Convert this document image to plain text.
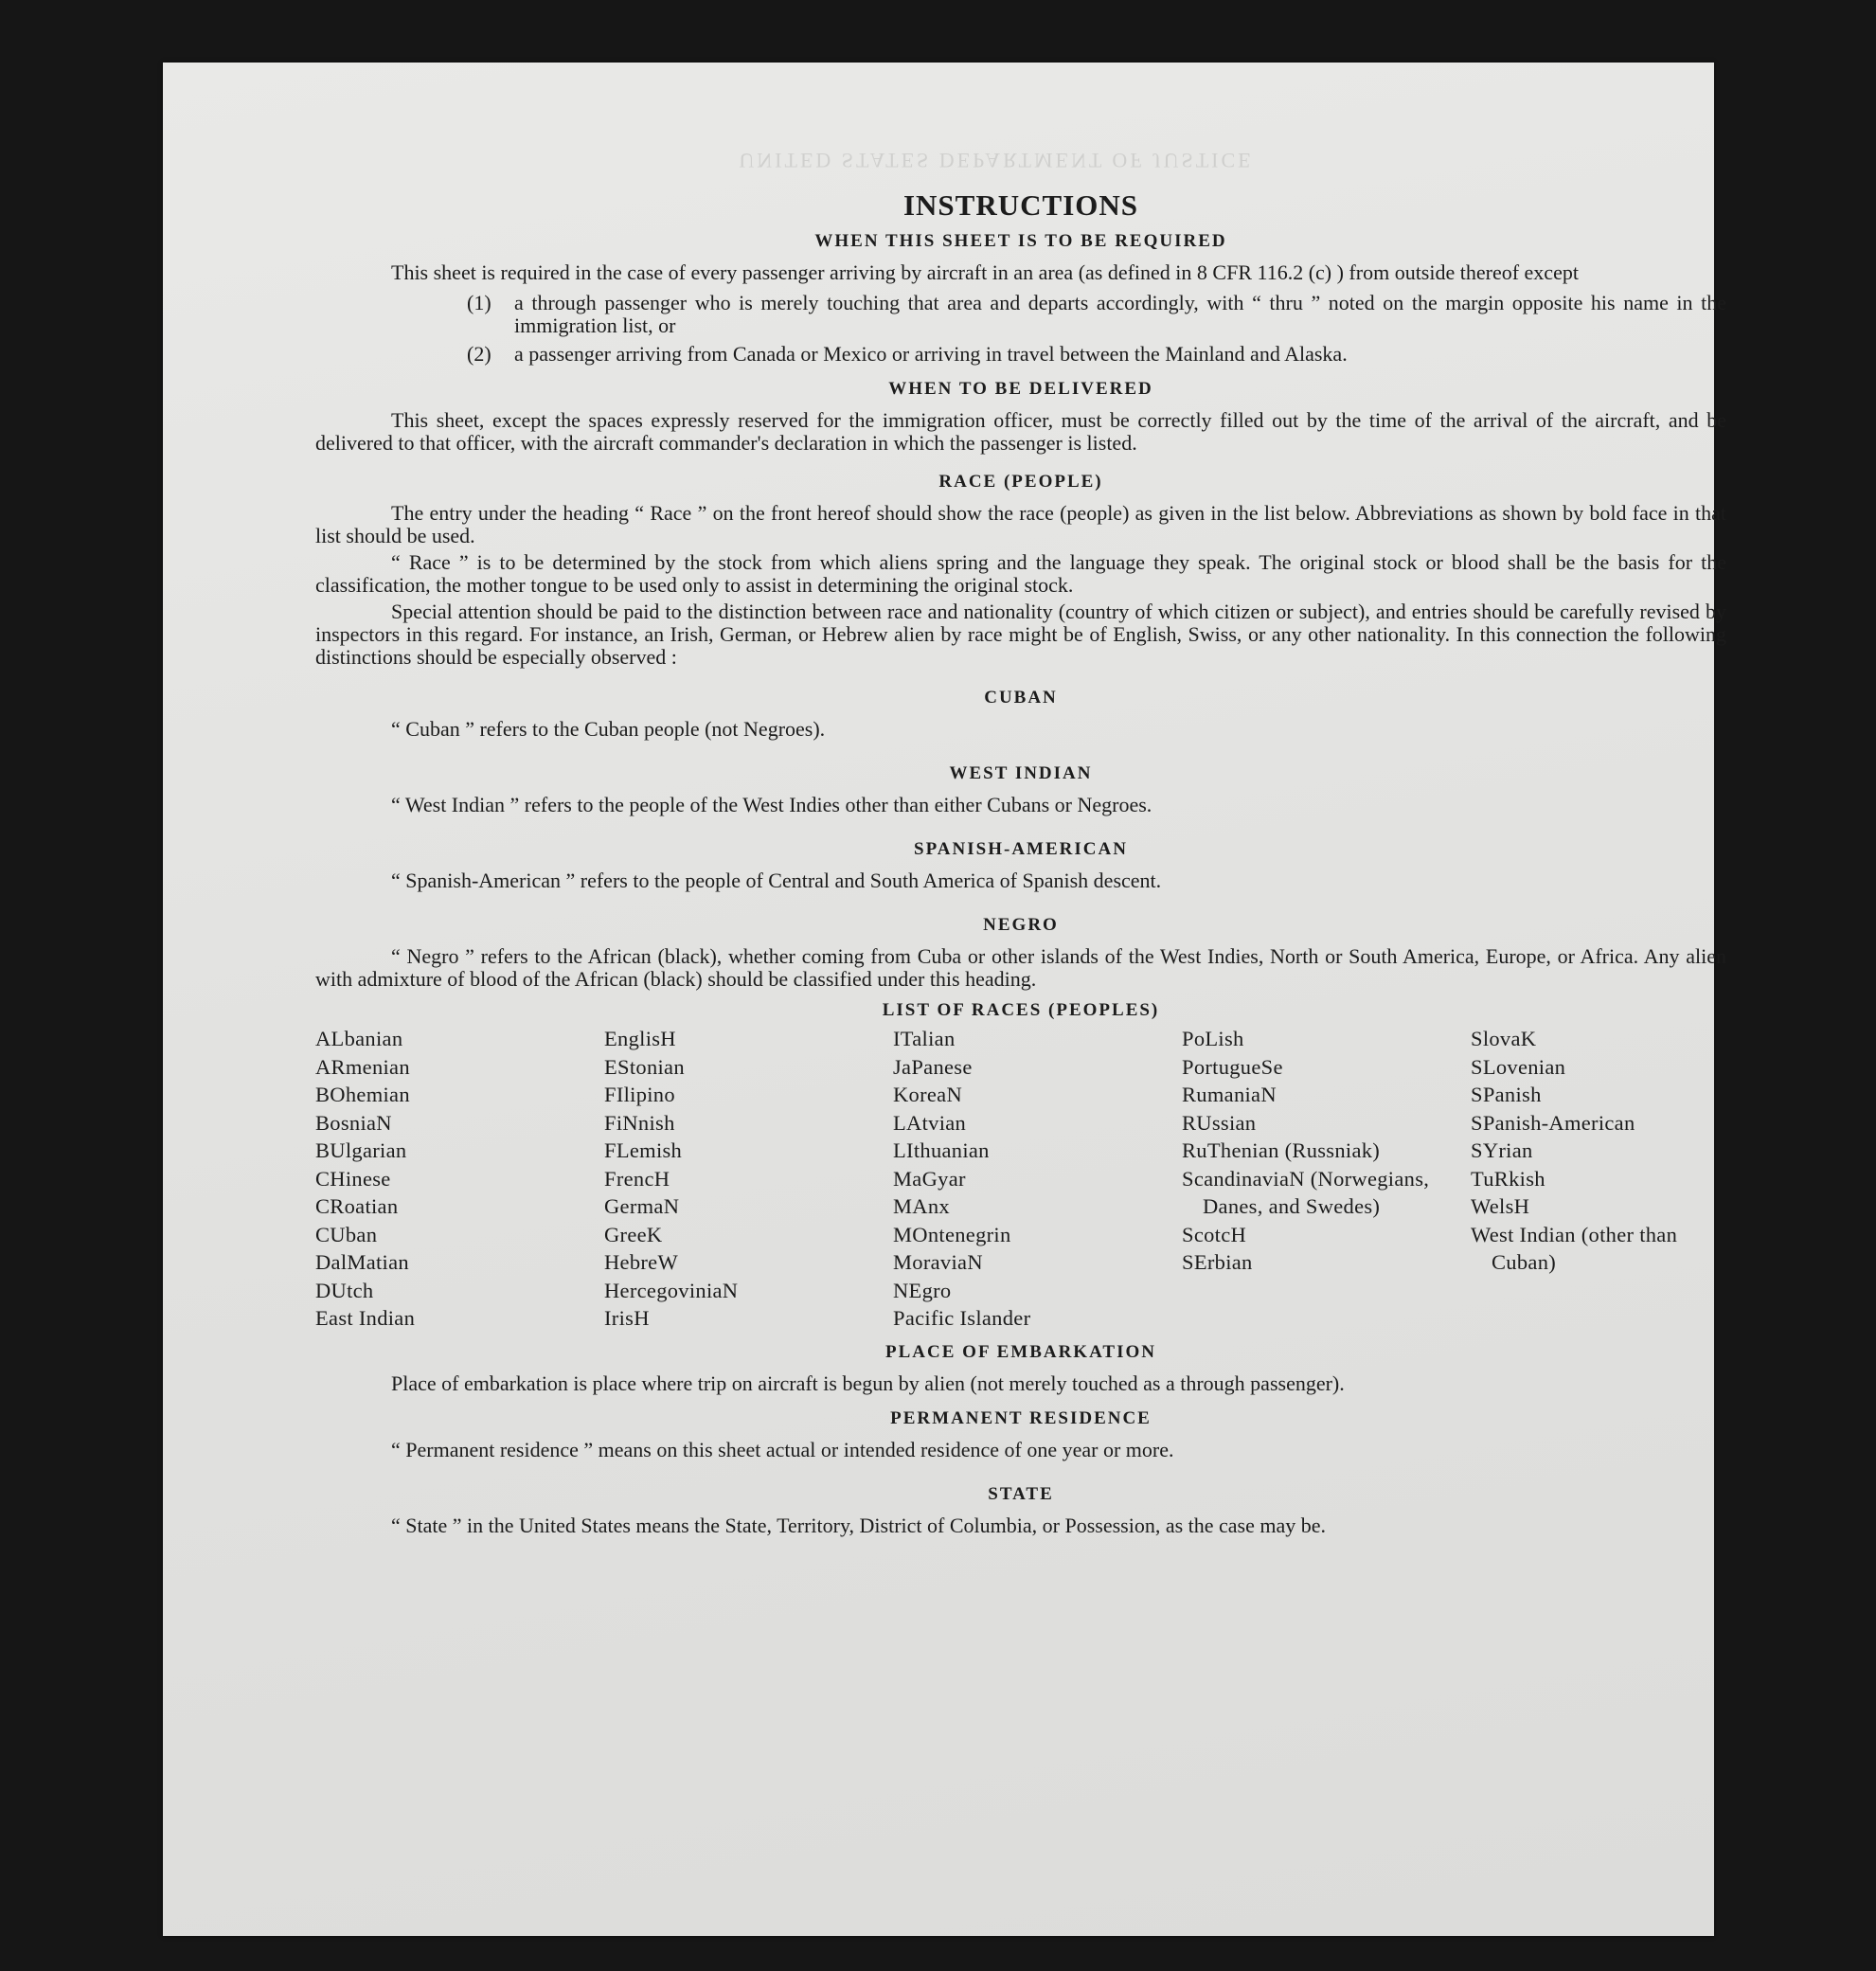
UNITED STATES DEPARTMENT OF JUSTICE
INSTRUCTIONS
WHEN THIS SHEET IS TO BE REQUIRED

This sheet is required in the case of every passenger arriving by aircraft in an area (as defined in 8 CFR 116.2 (c) ) from outside thereof except

(1) a through passenger who is merely touching that area and departs accordingly, with “ thru ” noted on the margin opposite his name in the immigration list, or
(2) a passenger arriving from Canada or Mexico or arriving in travel between the Mainland and Alaska.
WHEN TO BE DELIVERED

This sheet, except the spaces expressly reserved for the immigration officer, must be correctly filled out by the time of the arrival of the aircraft, and be delivered to that officer, with the aircraft commander's declaration in which the passenger is listed.

RACE (PEOPLE)

The entry under the heading “ Race ” on the front hereof should show the race (people) as given in the list below. Abbreviations as shown by bold face in that list should be used.

“ Race ” is to be determined by the stock from which aliens spring and the language they speak. The original stock or blood shall be the basis for the classification, the mother tongue to be used only to assist in determining the original stock.

Special attention should be paid to the distinction between race and nationality (country of which citizen or subject), and entries should be carefully revised by inspectors in this regard. For instance, an Irish, German, or Hebrew alien by race might be of English, Swiss, or any other nationality. In this connection the following distinctions should be especially observed :

CUBAN

“ Cuban ” refers to the Cuban people (not Negroes).

WEST INDIAN

“ West Indian ” refers to the people of the West Indies other than either Cubans or Negroes.

SPANISH-AMERICAN

“ Spanish-American ” refers to the people of Central and South America of Spanish descent.

NEGRO

“ Negro ” refers to the African (black), whether coming from Cuba or other islands of the West Indies, North or South America, Europe, or Africa. Any alien with admixture of blood of the African (black) should be classified under this heading.

LIST OF RACES (PEOPLES)
ALbanian
ARmenian
BOhemian
BosniaN
BUlgarian
CHinese
CRoatian
CUban
DalMatian
DUtch
East Indian
EnglisH
EStonian
FIlipino
FiNnish
FLemish
FrencH
GermaN
GreeK
HebreW
HercegoviniaN
IrisH
ITalian
JaPanese
KoreaN
LAtvian
LIthuanian
MaGyar
MAnx
MOntenegrin
MoraviaN
NEgro
Pacific Islander
PoLish
PortugueSe
RumaniaN
RUssian
RuThenian (Russniak)
ScandinaviaN (Norwegians, Danes, and Swedes)
ScotcH
SErbian
SlovaK
SLovenian
SPanish
SPanish-American
SYrian
TuRkish
WelsH
West Indian (other than Cuban)
PLACE OF EMBARKATION

Place of embarkation is place where trip on aircraft is begun by alien (not merely touched as a through passenger).

PERMANENT RESIDENCE

“ Permanent residence ” means on this sheet actual or intended residence of one year or more.

STATE

“ State ” in the United States means the State, Territory, District of Columbia, or Possession, as the case may be.
